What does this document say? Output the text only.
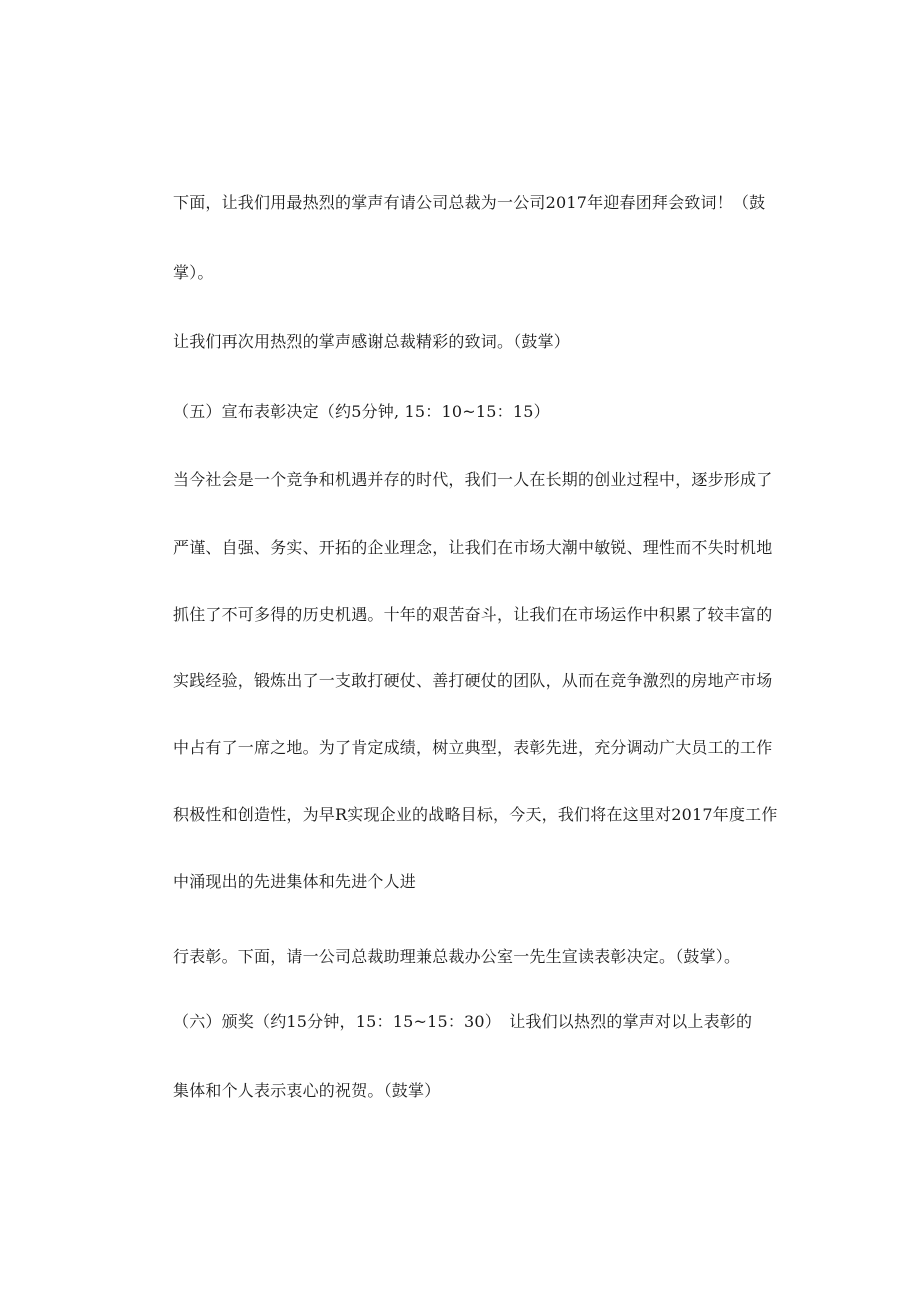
下面，让我们用最热烈的掌声有请公司总裁为一公司2017年迎春团拜会致词！（鼓

掌）。

让我们再次用热烈的掌声感谢总裁精彩的致词。（鼓掌）

（五）宣布表彰决定（约5分钟, 15：10~15：15）

当今社会是一个竞争和机遇并存的时代，我们一人在长期的创业过程中，逐步形成了

严谨、自强、务实、开拓的企业理念，让我们在市场大潮中敏锐、理性而不失时机地

抓住了不可多得的历史机遇。十年的艰苦奋斗，让我们在市场运作中积累了较丰富的

实践经验，锻炼出了一支敢打硬仗、善打硬仗的团队，从而在竞争激烈的房地产市场

中占有了一席之地。为了肯定成绩，树立典型，表彰先进，充分调动广大员工的工作

积极性和创造性，为早R实现企业的战略目标，今天，我们将在这里对2017年度工作

中涌现出的先进集体和先进个人进

行表彰。下面，请一公司总裁助理兼总裁办公室一先生宣读表彰决定。（鼓掌）。

（六）颁奖（约15分钟，15：15~15：30）　让我们以热烈的掌声对以上表彰的

集体和个人表示衷心的祝贺。（鼓掌）
